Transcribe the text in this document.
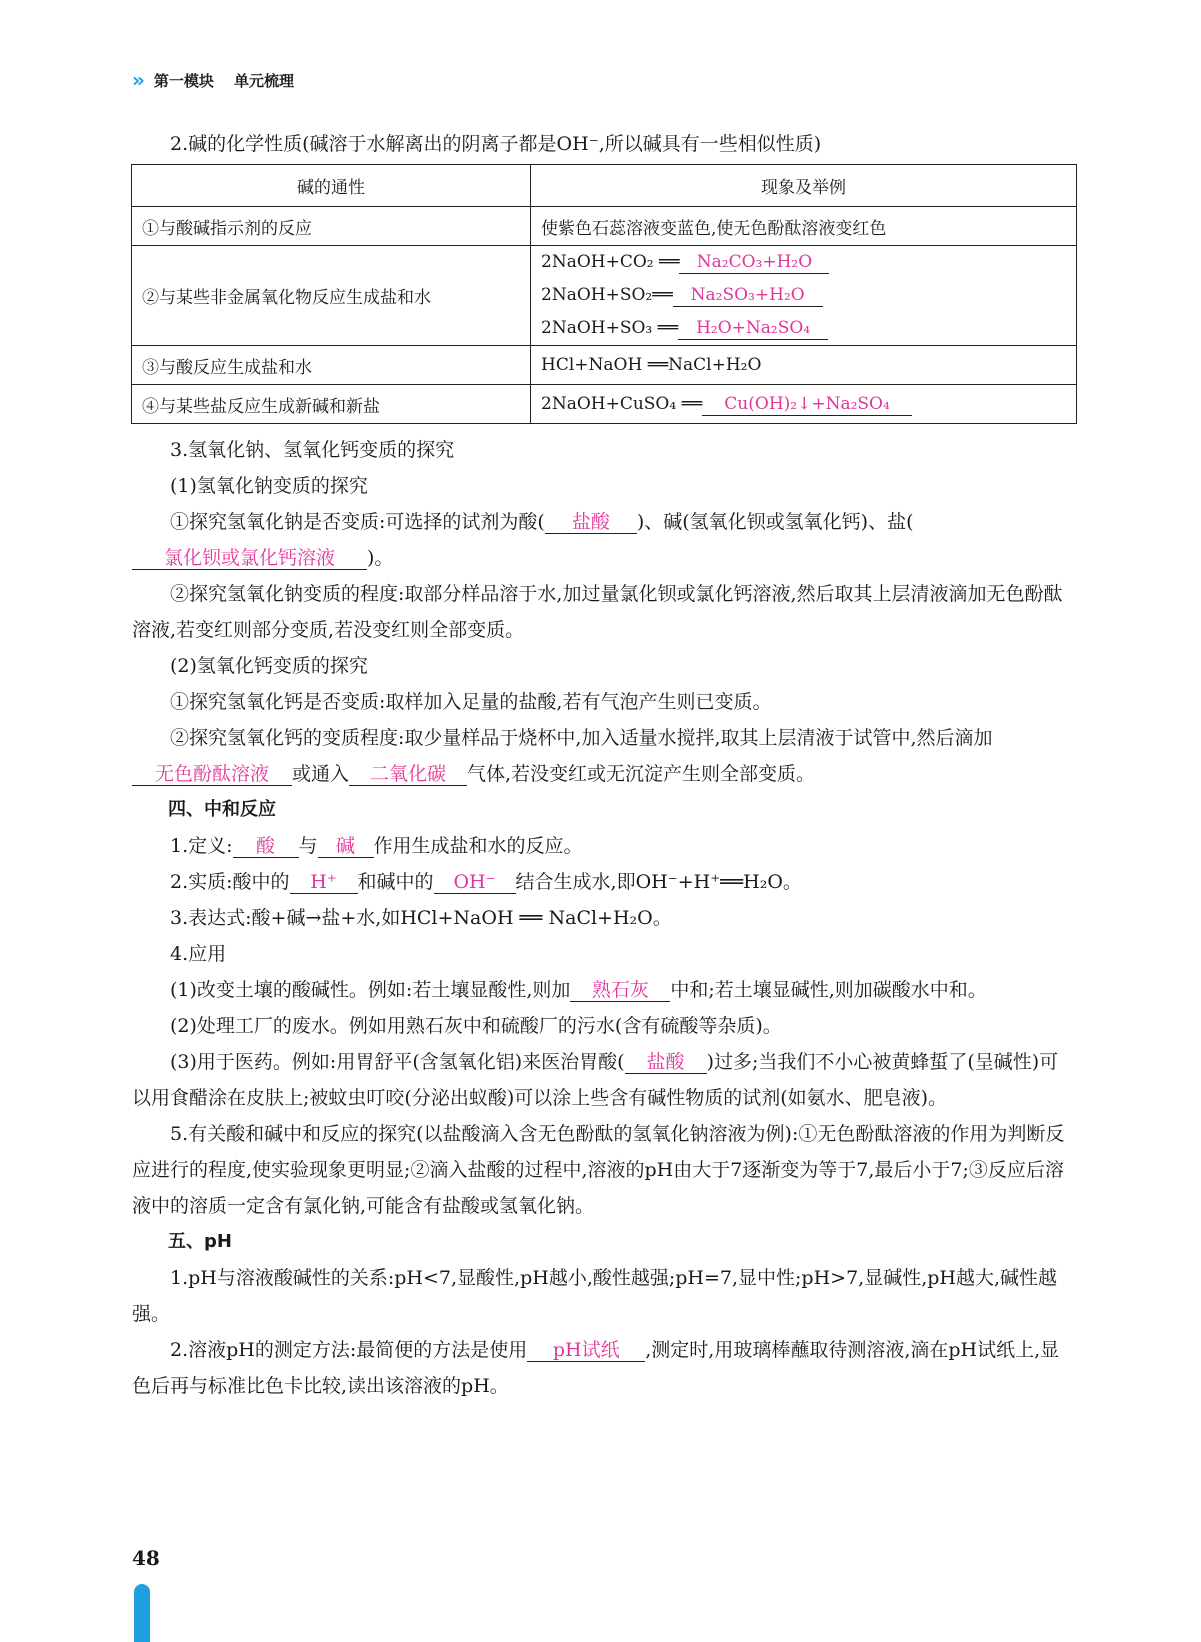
» 第一模块 单元梳理

2.碱的化学性质(碱溶于水解离出的阴离子都是OH⁻,所以碱具有一些相似性质)

碱的通性	现象及举例
①与酸碱指示剂的反应	使紫色石蕊溶液变蓝色,使无色酚酞溶液变红色
②与某些非金属氧化物反应生成盐和水	2NaOH+CO₂ ══ Na₂CO₃+H₂O
2NaOH+SO₂══ Na₂SO₃+H₂O
2NaOH+SO₃ ══ H₂O+Na₂SO₄

③与酸反应生成盐和水	HCl+NaOH ══NaCl+H₂O
④与某些盐反应生成新碱和新盐	2NaOH+CuSO₄ ══ Cu(OH)₂↓+Na₂SO₄

3.氢氧化钠、氢氧化钙变质的探究

(1)氢氧化钠变质的探究

①探究氢氧化钠是否变质:可选择的试剂为酸( 盐酸 )、碱(氢氧化钡或氢氧化钙)、盐(氯化钡或氯化钙溶液 )。

②探究氢氧化钠变质的程度:取部分样品溶于水,加过量氯化钡或氯化钙溶液,然后取其上层清液滴加无色酚酞溶液,若变红则部分变质,若没变红则全部变质。

(2)氢氧化钙变质的探究

①探究氢氧化钙是否变质:取样加入足量的盐酸,若有气泡产生则已变质。

②探究氢氧化钙的变质程度:取少量样品于烧杯中,加入适量水搅拌,取其上层清液于试管中,然后滴加无色酚酞溶液 或通入 二氧化碳 气体,若没变红或无沉淀产生则全部变质。

四、中和反应

1.定义: 酸 与 碱 作用生成盐和水的反应。

2.实质:酸中的 H⁺ 和碱中的 OH⁻ 结合生成水,即OH⁻+H⁺══H₂O。

3.表达式:酸+碱→盐+水,如HCl+NaOH ══ NaCl+H₂O。

4.应用

(1)改变土壤的酸碱性。例如:若土壤显酸性,则加 熟石灰 中和;若土壤显碱性,则加碳酸水中和。

(2)处理工厂的废水。例如用熟石灰中和硫酸厂的污水(含有硫酸等杂质)。

(3)用于医药。例如:用胃舒平(含氢氧化铝)来医治胃酸( 盐酸 )过多;当我们不小心被黄蜂蜇了(呈碱性)可以用食醋涂在皮肤上;被蚊虫叮咬(分泌出蚁酸)可以涂上些含有碱性物质的试剂(如氨水、肥皂液)。

5.有关酸和碱中和反应的探究(以盐酸滴入含无色酚酞的氢氧化钠溶液为例):①无色酚酞溶液的作用为判断反应进行的程度,使实验现象更明显;②滴入盐酸的过程中,溶液的pH由大于7逐渐变为等于7,最后小于7;③反应后溶液中的溶质一定含有氯化钠,可能含有盐酸或氢氧化钠。

五、pH

1.pH与溶液酸碱性的关系:pH<7,显酸性,pH越小,酸性越强;pH=7,显中性;pH>7,显碱性,pH越大,碱性越强。

2.溶液pH的测定方法:最简便的方法是使用 pH试纸 ,测定时,用玻璃棒蘸取待测溶液,滴在pH试纸上,显色后再与标准比色卡比较,读出该溶液的pH。

48
